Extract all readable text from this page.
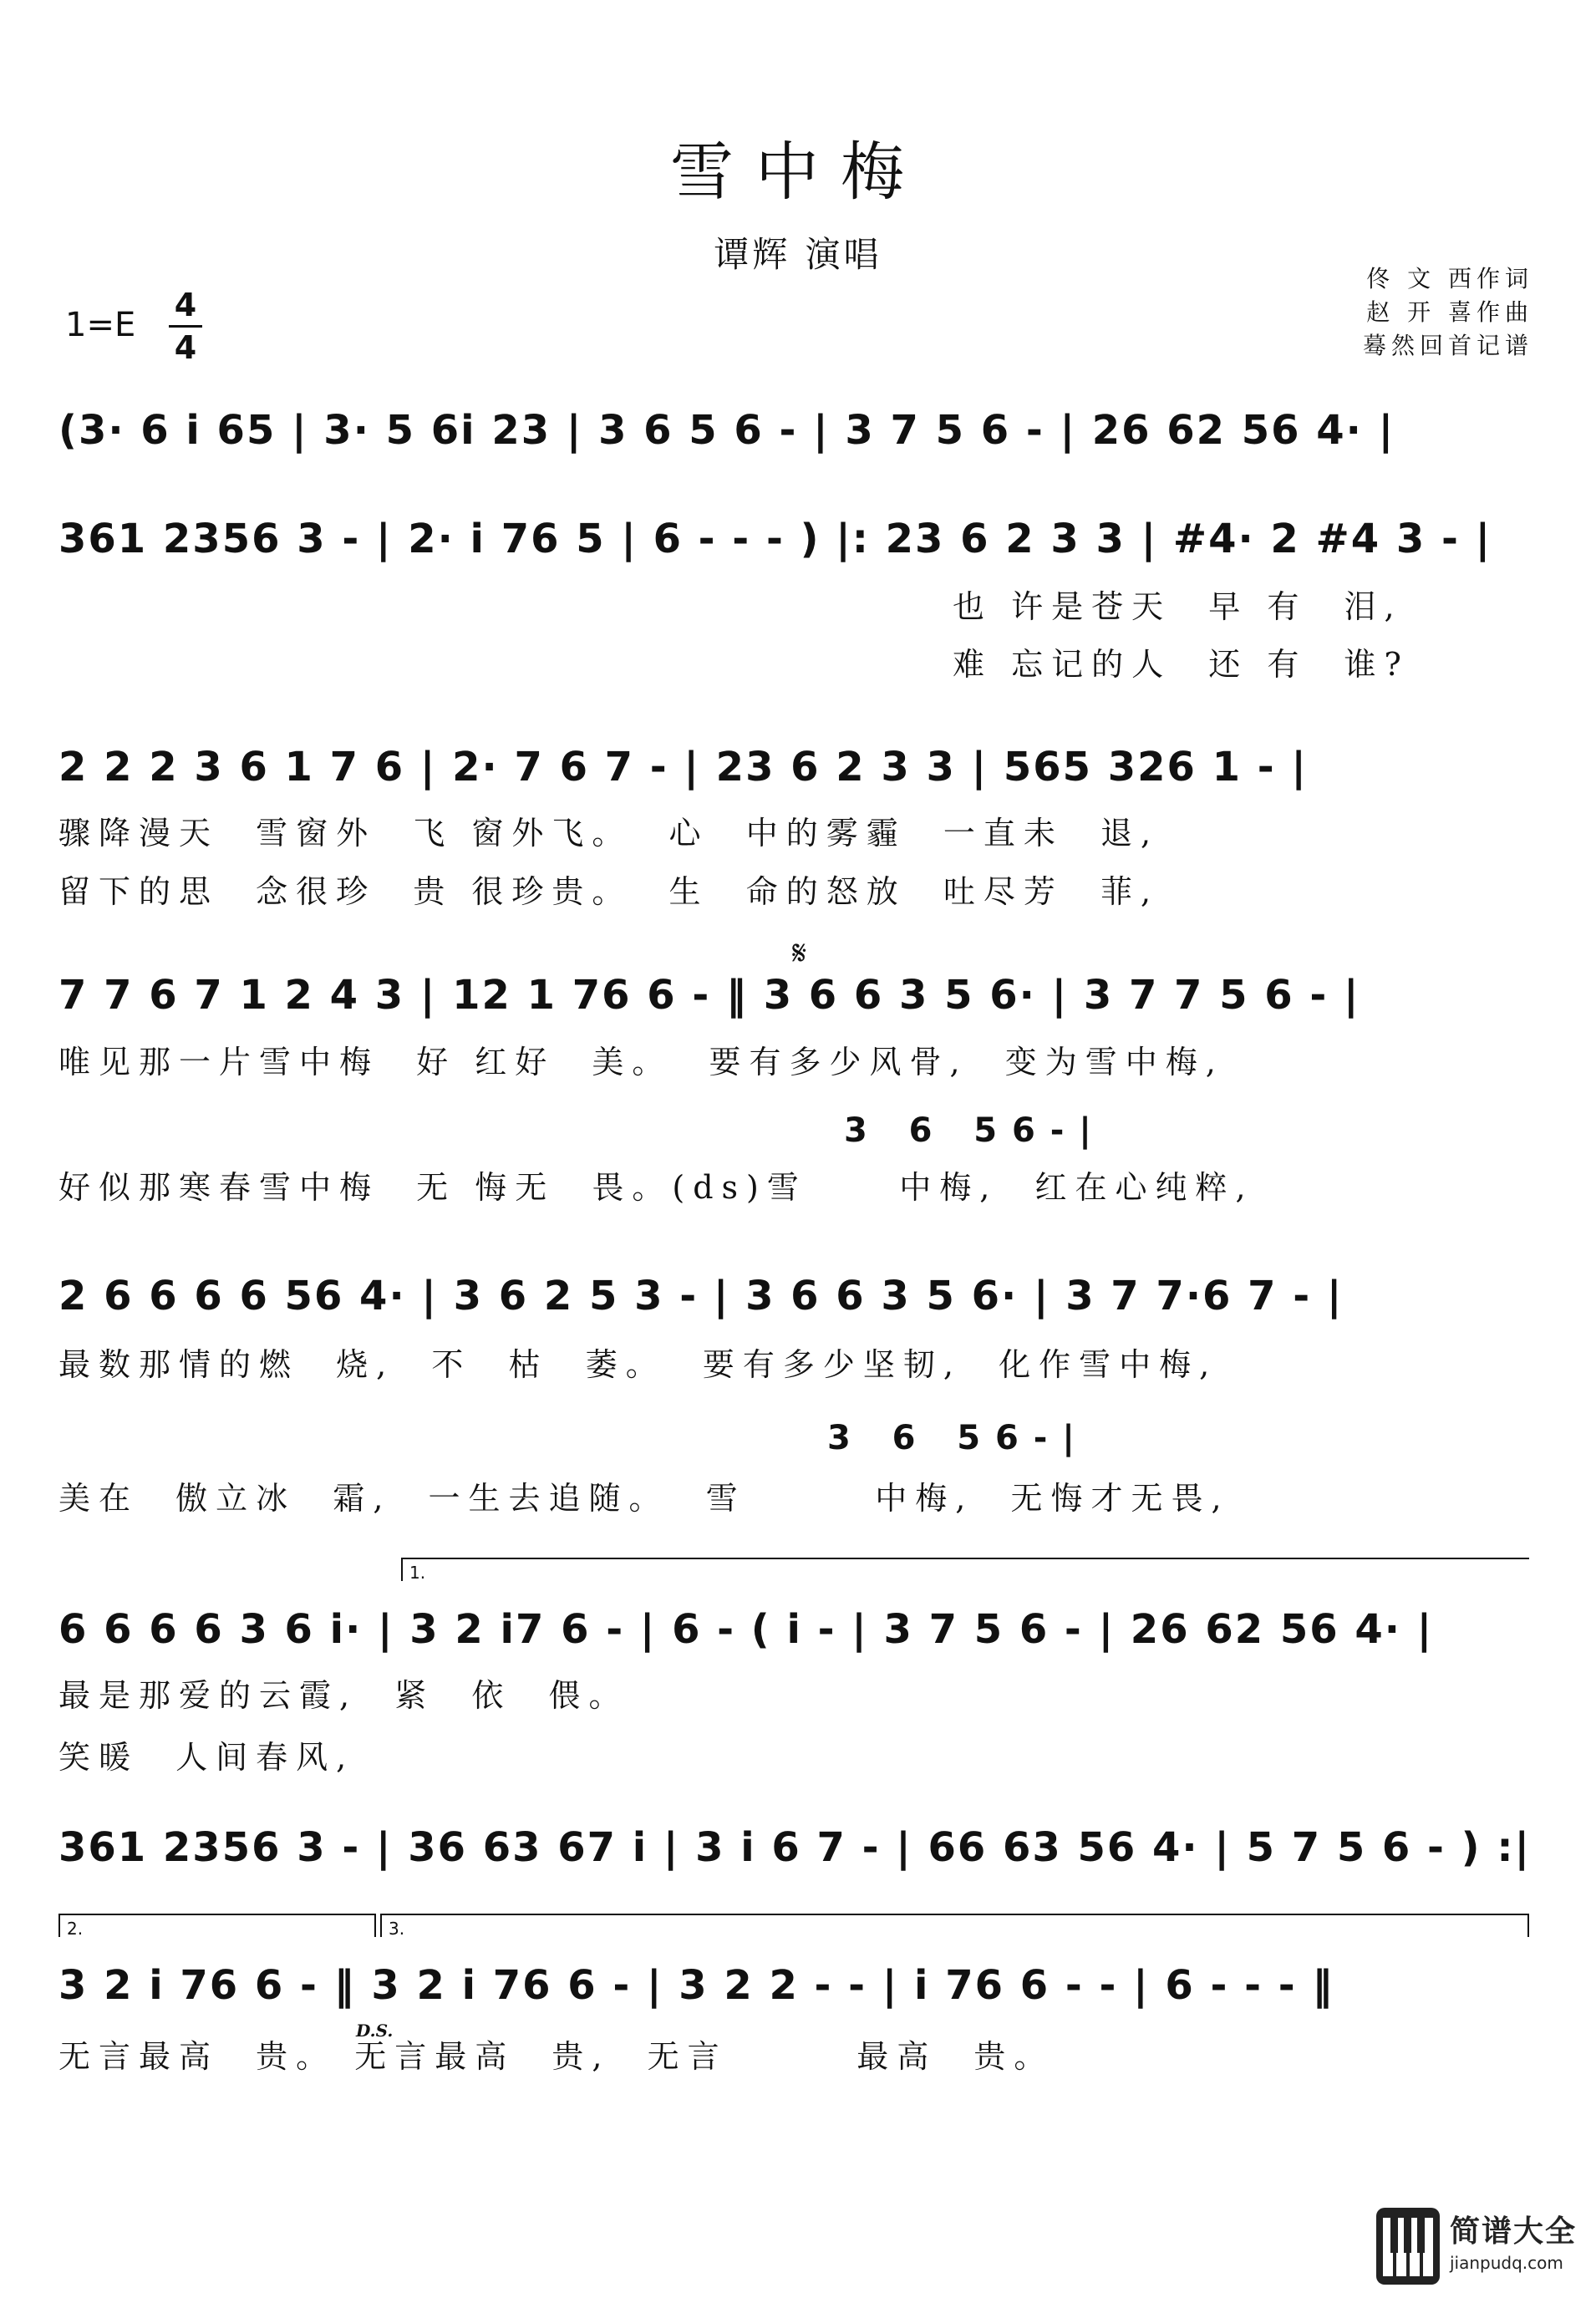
雪中梅
谭辉 演唱
佟 文 西作词
赵 开 喜作曲
蓦然回首记谱
1=E
4
4
(3· 6 i 65 | 3· 5 6i 23 | 3 6 5 6 - | 3 7 5 6 - | 26 62 56 4· |
361 2356 3 - | 2· i 76 5 | 6 - - - ) |: 23 6 2 3 3 | #4· 2 #4 3 - |
也 许是苍天  早 有  泪,
难 忘记的人  还 有  谁?
2 2 2 3 6 1 7 6 | 2· 7 6 7 - | 23 6 2 3 3 | 565 326 1 - |
骤降漫天  雪窗外  飞 窗外飞。  心  中的雾霾  一直未  退,
留下的思  念很珍  贵 很珍贵。  生  命的怒放  吐尽芳  菲,
𝄋
7 7 6 7 1 2 4 3 | 12 1 76 6 - ‖ 3 6 6 3 5 6· | 3 7 7 5 6 - |
唯见那一片雪中梅  好 红好  美。  要有多少风骨,  变为雪中梅,
3   6   5 6 - |
好似那寒春雪中梅  无 悔无  畏。(ds)雪     中梅,  红在心纯粹,
2 6 6 6 6 56 4· | 3 6 2 5 3 - | 3 6 6 3 5 6· | 3 7 7·6 7 - |
最数那情的燃  烧,  不  枯  萎。  要有多少坚韧,  化作雪中梅,
3   6   5 6 - |
美在  傲立冰  霜,  一生去追随。  雪       中梅,  无悔才无畏,
1.
6 6 6 6 3 6 i· | 3 2 i7 6 - | 6 - ( i - | 3 7 5 6 - | 26 62 56 4· |
最是那爱的云霞,  紧  依  偎。
笑暖  人间春风,
361 2356 3 - | 36 63 67 i | 3 i 6 7 - | 66 63 56 4· | 5 7 5 6 - ) :|
2.	3.
3 2 i 76 6 - ‖ 3 2 i 76 6 - | 3 2 2 - - | i 76 6 - - | 6 - - - ‖
D.S.
无言最高  贵。 无言最高  贵,  无言       最高  贵。
简谱大全
jianpudq.com
